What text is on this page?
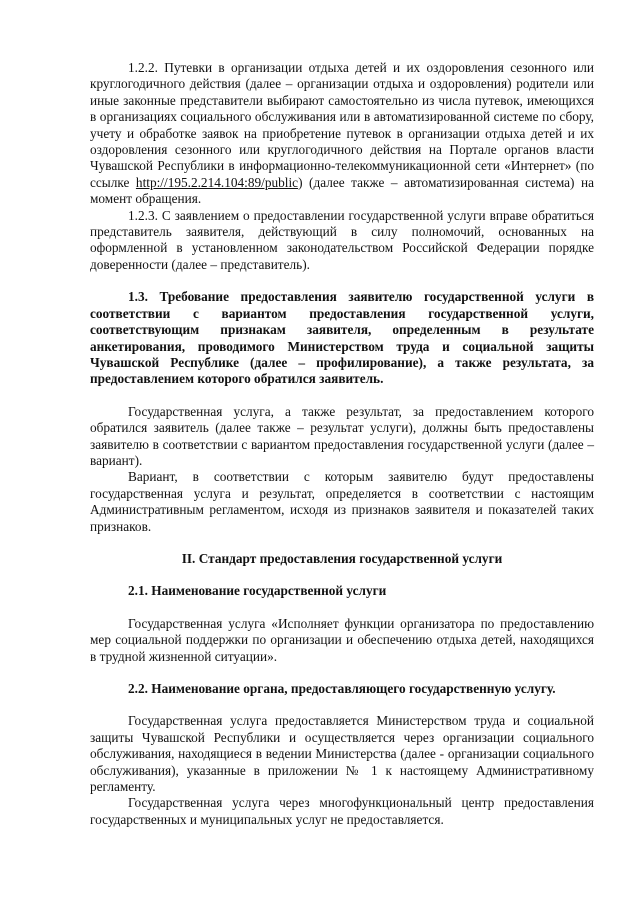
1.2.2. Путевки в организации отдыха детей и их оздоровления сезонного или круглогодичного действия (далее – организации отдыха и оздоровления) родители или иные законные представители выбирают самостоятельно из числа путевок, имеющихся в организациях социального обслуживания или в автоматизированной системе по сбору, учету и обработке заявок на приобретение путевок в организации отдыха детей и их оздоровления сезонного или круглогодичного действия на Портале органов власти Чувашской Республики в информационно-телекоммуникационной сети «Интернет» (по ссылке http://195.2.214.104:89/public) (далее также – автоматизированная система) на момент обращения.

1.2.3. С заявлением о предоставлении государственной услуги вправе обратиться представитель заявителя, действующий в силу полномочий, основанных на оформленной в установленном законодательством Российской Федерации порядке доверенности (далее – представитель).

1.3. Требование предоставления заявителю государственной услуги в соответствии с вариантом предоставления государственной услуги, соответствующим признакам заявителя, определенным в результате анкетирования, проводимого Министерством труда и социальной защиты Чувашской Республике (далее – профилирование), а также результата, за предоставлением которого обратился заявитель.

Государственная услуга, а также результат, за предоставлением которого обратился заявитель (далее также – результат услуги), должны быть предоставлены заявителю в соответствии с вариантом предоставления государственной услуги (далее – вариант).

Вариант, в соответствии с которым заявителю будут предоставлены государственная услуга и результат, определяется в соответствии с настоящим Административным регламентом, исходя из признаков заявителя и показателей таких признаков.

II. Стандарт предоставления государственной услуги
2.1. Наименование государственной услуги

Государственная услуга «Исполняет функции организатора по предоставлению мер социальной поддержки по организации и обеспечению отдыха детей, находящихся в трудной жизненной ситуации».

2.2. Наименование органа, предоставляющего государственную услугу.

Государственная услуга предоставляется Министерством труда и социальной защиты Чувашской Республики и осуществляется через организации социального обслуживания, находящиеся в ведении Министерства (далее - организации социального обслуживания), указанные в приложении № 1 к настоящему Административному регламенту.

Государственная услуга через многофункциональный центр предоставления государственных и муниципальных услуг не предоставляется.
